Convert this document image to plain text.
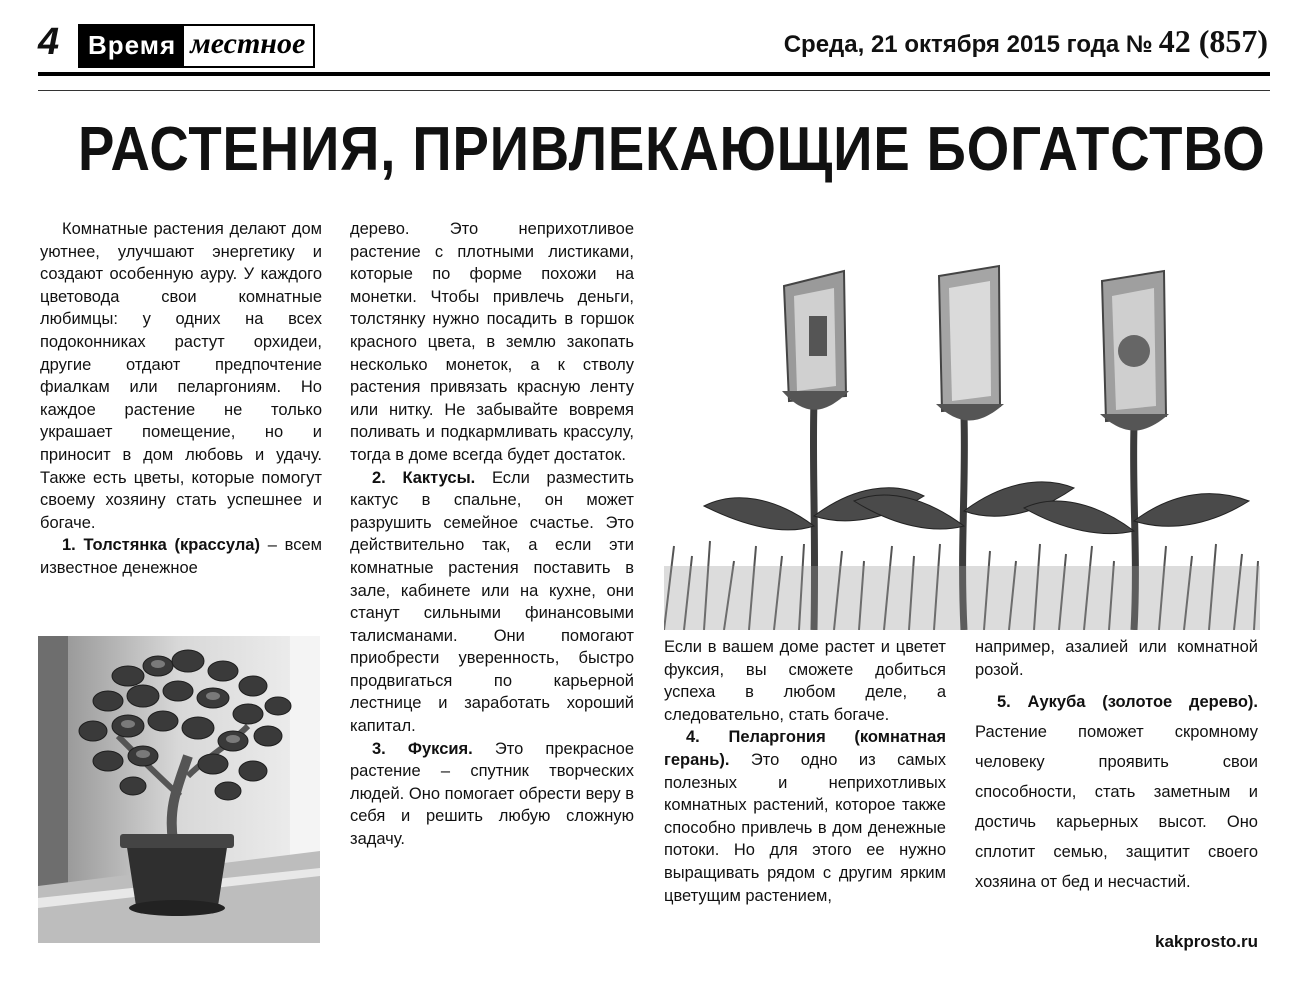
4	Время местное	Среда, 21 октября 2015 года № 42 (857)
РАСТЕНИЯ, ПРИВЛЕКАЮЩИЕ БОГАТСТВО

Комнатные растения делают дом уютнее, улучшают энергетику и создают особенную ауру. У каждого цветовода свои комнатные любимцы: у одних на всех подоконниках растут орхидеи, другие отдают предпочтение фиалкам или пеларгониям. Но каждое растение не только украшает помещение, но и приносит в дом любовь и удачу. Также есть цветы, которые помогут своему хозяину стать успешнее и богаче.

1. Толстянка (крассула) – всем известное денежное

дерево. Это неприхотливое растение с плотными листиками, которые по форме похожи на монетки. Чтобы привлечь деньги, толстянку нужно посадить в горшок красного цвета, в землю закопать несколько монеток, а к стволу растения привязать красную ленту или нитку. Не забывайте вовремя поливать и подкармливать крассулу, тогда в доме всегда будет достаток.

2. Кактусы. Если разместить кактус в спальне, он может разрушить семейное счастье. Это действительно так, а если эти комнатные растения поставить в зале, кабинете или на кухне, они станут сильными финансовыми талисманами. Они помогают приобрести уверенность, быстро продвигаться по карьерной лестнице и заработать хороший капитал.

3. Фуксия. Это прекрасное растение – спутник творческих людей. Оно помогает обрести веру в себя и решить любую сложную задачу.

Если в вашем доме растет и цветет фуксия, вы сможете добиться успеха в любом деле, а следовательно, стать богаче.

4. Пеларгония (комнатная герань). Это одно из самых полезных и неприхотливых комнатных растений, которое также способно привлечь в дом денежные потоки. Но для этого ее нужно выращивать рядом с другим ярким цветущим растением,

например, азалией или комнатной розой.

5. Аукуба (золотое дерево). Растение поможет скромному человеку проявить свои способности, стать заметным и достичь карьерных высот. Оно сплотит семью, защитит своего хозяина от бед и несчастий.

kakprosto.ru
